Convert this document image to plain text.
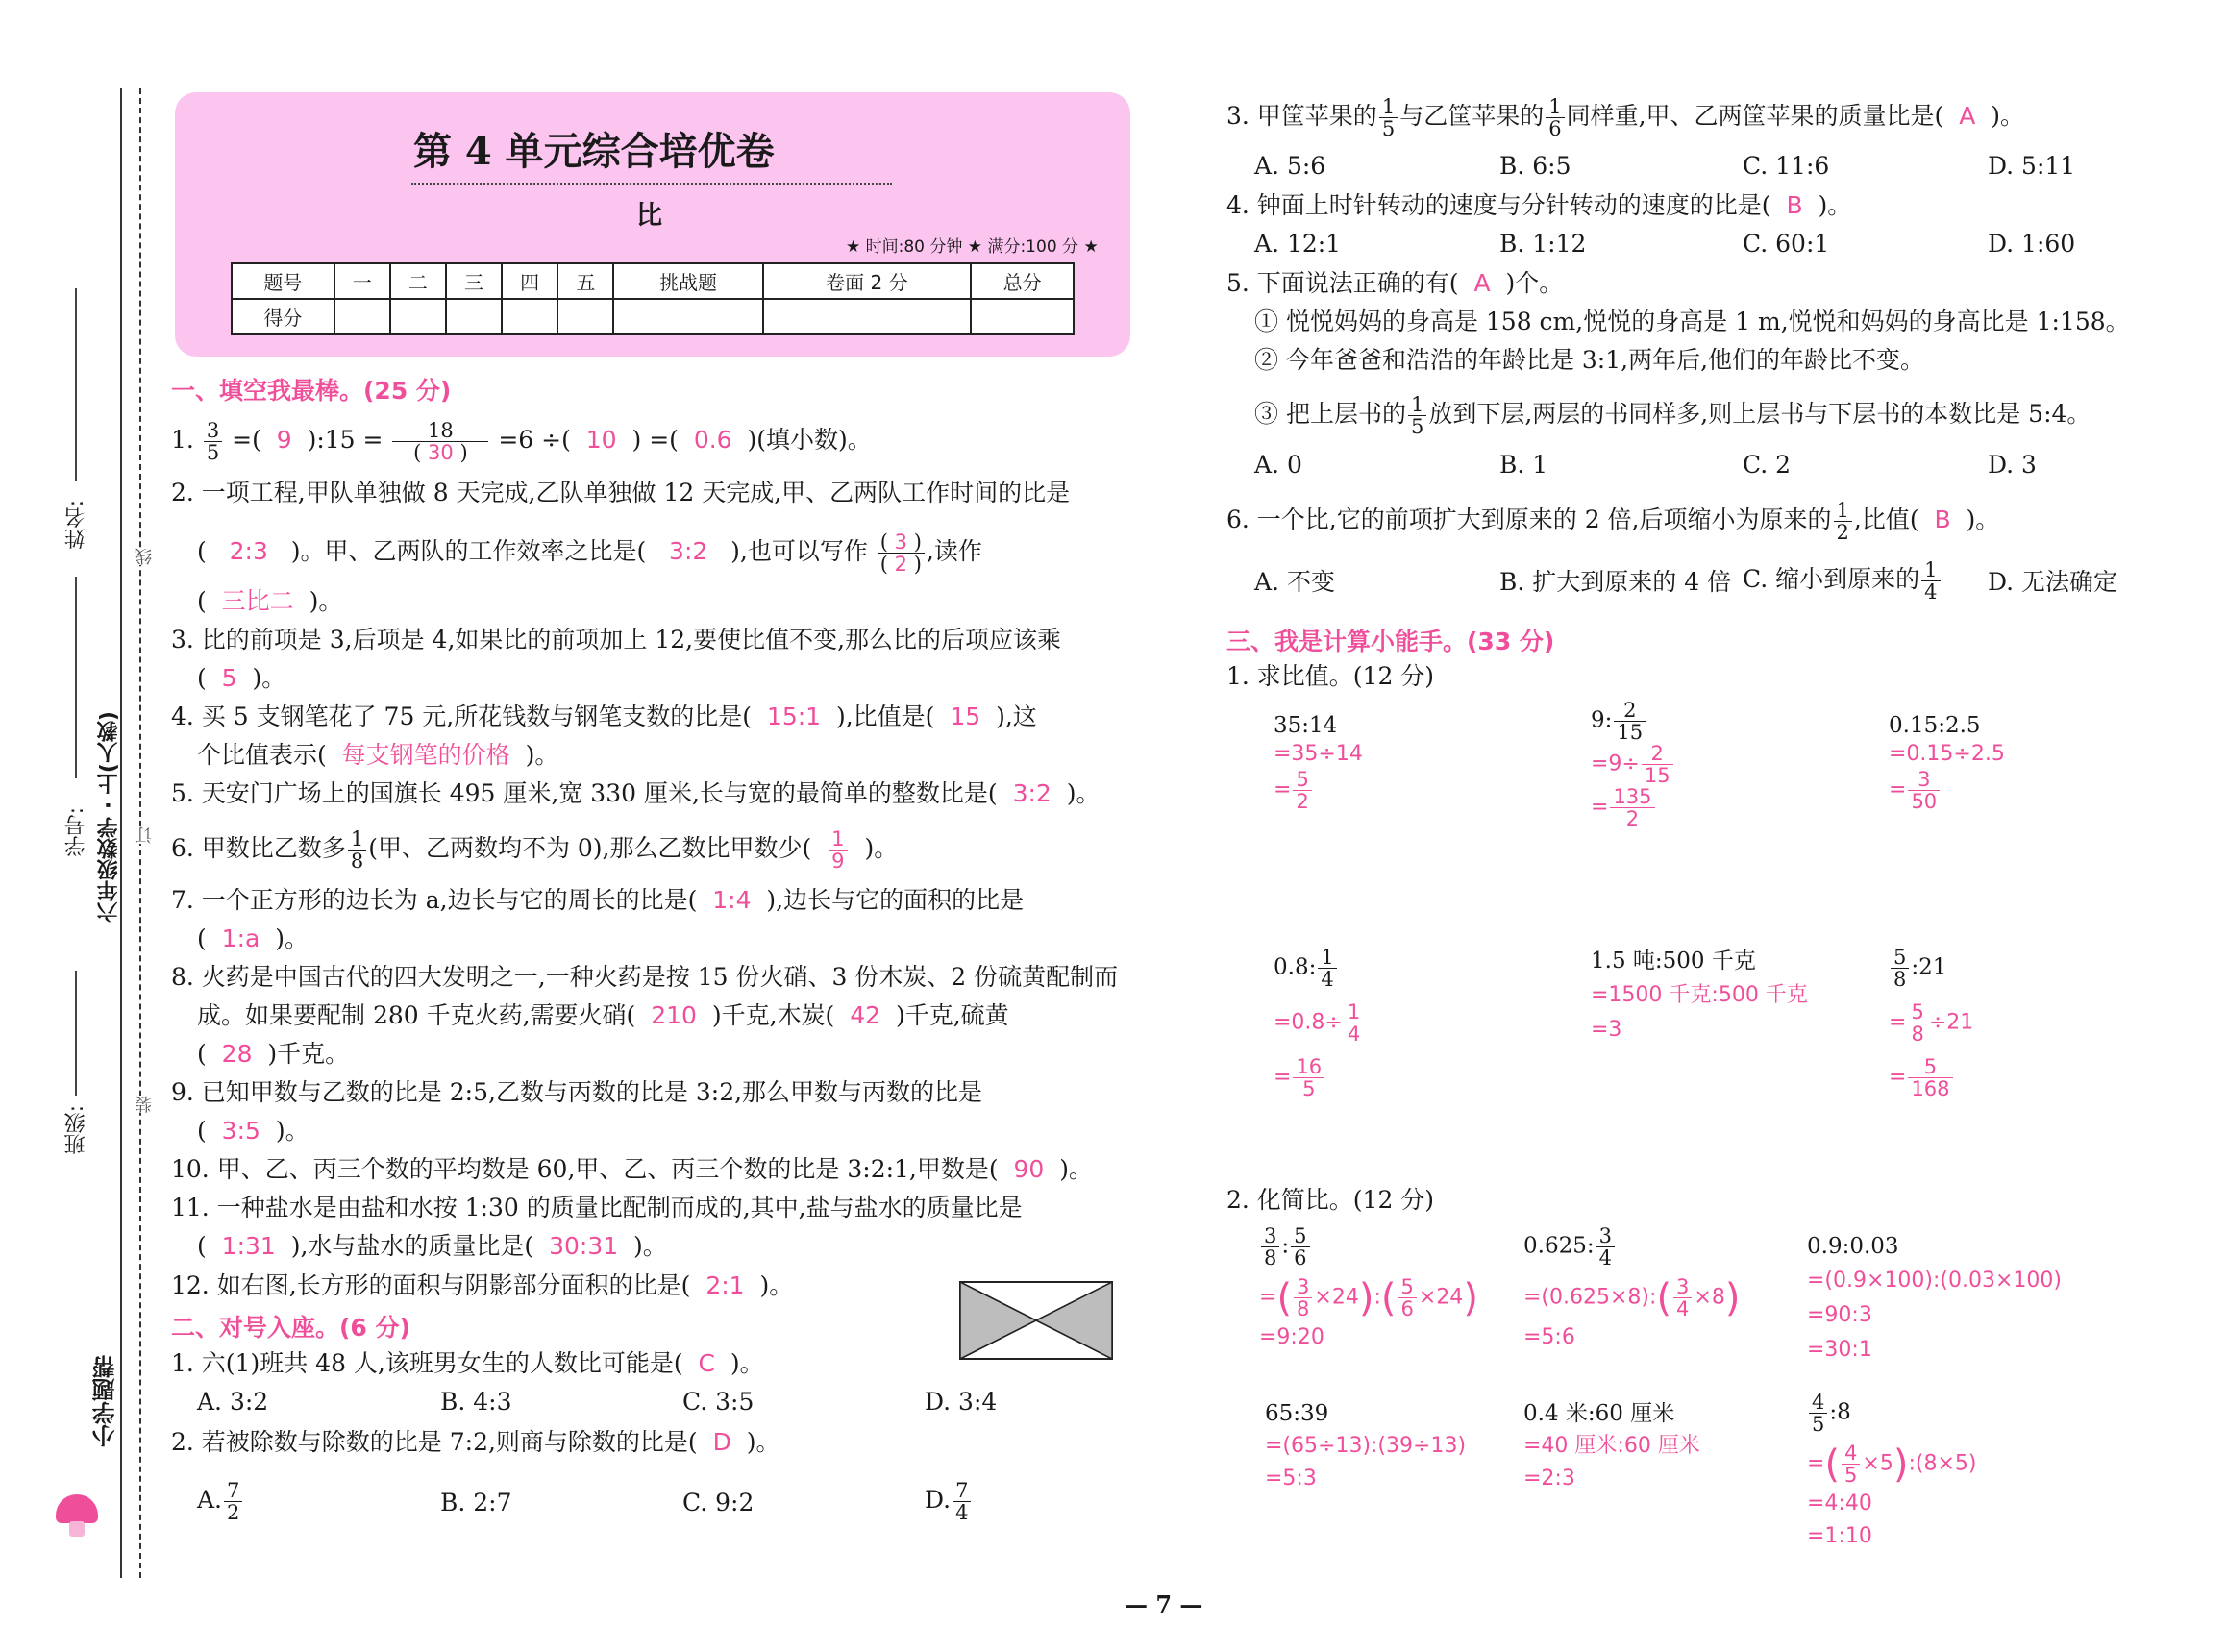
姓名:
学号: 六年级数学 · 上(人教)
班级:
线
订
装
小学题帮
第 4 单元综合培优卷
比
★ 时间:80 分钟 ★ 满分:100 分 ★
题号	一	二	三	四	五	挑战题	卷面 2 分	总分
得分								
一、填空我最棒。(25 分)
1. $\frac{3}{5}$ =( 9 ):15 = $\frac{18}{( 30 )} =6$ ÷( 10 ) =( 0.6 )(填小数)。
2. 一项工程,甲队单独做 8 天完成,乙队单独做 12 天完成,甲、乙两队工作时间的比是
( 2:3 )。甲、乙两队的工作效率之比是( 3:2 ),也可以写作 $\frac{( 3 )}{( 2 )}$ ,读作
( 三比二 )。
3. 比的前项是 3,后项是 4,如果比的前项加上 12,要使比值不变,那么比的后项应该乘
( 5 )。
4. 买 5 支钢笔花了 75 元,所花钱数与钢笔支数的比是( 15:1 ),比值是( 15 ),这
个比值表示( 每支钢笔的价格 )。
5. 天安门广场上的国旗长 495 厘米,宽 330 厘米,长与宽的最简单的整数比是( 3:2 )。
6. 甲数比乙数多 $\frac{1}{8}$ (甲、乙两数均不为 0),那么乙数比甲数少( $\frac{1}{9}$ )。
7. 一个正方形的边长为 a,边长与它的周长的比是( 1:4 ),边长与它的面积的比是
( 1:a )。
8. 火药是中国古代的四大发明之一,一种火药是按 15 份火硝、3 份木炭、2 份硫黄配制而
成。如果要配制 280 千克火药,需要火硝( 210 )千克,木炭( 42 )千克,硫黄
( 28 )千克。
9. 已知甲数与乙数的比是 2:5,乙数与丙数的比是 3:2,那么甲数与丙数的比是
( 3:5 )。
10. 甲、乙、丙三个数的平均数是 60,甲、乙、丙三个数的比是 3:2:1,甲数是( 90 )。
11. 一种盐水是由盐和水按 1:30 的质量比配制而成的,其中,盐与盐水的质量比是
( 1:31 ),水与盐水的质量比是( 30:31 )。
12. 如右图,长方形的面积与阴影部分面积的比是( 2:1 )。
二、对号入座。(6 分)
1. 六(1)班共 48 人,该班男女生的人数比可能是( C )。
A. 3:2	B. 4:3	C. 3:5	D. 3:4
2. 若被除数与除数的比是 7:2,则商与除数的比是( D )。
A. $\frac{7}{2}$	B. 2:7	C. 9:2	D. $\frac{7}{4}$
3. 甲筐苹果的 $\frac{1}{5}$ 与乙筐苹果的 $\frac{1}{6}$ 同样重,甲、乙两筐苹果的质量比是( A )。
A. 5:6	B. 6:5	C. 11:6	D. 5:11
4. 钟面上时针转动的速度与分针转动的速度的比是( B )。
A. 12:1	B. 1:12	C. 60:1	D. 1:60
5. 下面说法正确的有( A )个。
① 悦悦妈妈的身高是 158 cm,悦悦的身高是 1 m,悦悦和妈妈的身高比是 1:158。
② 今年爸爸和浩浩的年龄比是 3:1,两年后,他们的年龄比不变。
③ 把上层书的 $\frac{1}{5}$ 放到下层,两层的书同样多,则上层书与下层书的本数比是 5:4。
A. 0	B. 1	C. 2	D. 3
6. 一个比,它的前项扩大到原来的 2 倍,后项缩小为原来的 $\frac{1}{2}$ ,比值( B )。
A. 不变	B. 扩大到原来的 4 倍 C. 缩小到原来的 $\frac{1}{4} D$. 无法确定
三、我是计算小能手。(33 分)
1. 求比值。(12 分)
35:14
=35÷14
= $\frac{5}{2}$
9: $\frac{2}{15}$
$=9\div \frac{2}{15}$
= $\frac{135}{2}$
0.15:2.5
=0.15÷2.5
= $\frac{3}{50}$
0.8: $\frac{1}{4}$
$=0.8\div \frac{1}{4}$
= $\frac{16}{5}$
1.5 吨:500 千克
=1500 千克:500 千克
=3
$\frac{5}{8}$ :21
= $\frac{5}{8} \div 21$
= $\frac{5}{168}$
2. 化简比。(12 分)
$\frac{3}{8}$ : $\frac{5}{6}$
=( $\frac{3}{8}$ ×24):( $\frac{5}{6} \times 24$)
=9:20
0.625: $\frac{3}{4}$
=(0.625×8):( $\frac{3}{4} \times 8$)
=5:6
0.9:0.03
=(0.9×100):(0.03×100)
=90:3
=30:1
65:39
=(65÷13):(39÷13)
=5:3
0.4 米:60 厘米
=40 厘米:60 厘米
=2:3
$\frac{4}{5}$ :8
=( $\frac{4}{5}$ ×5):(8×5)
=4:40
=1:10
— 7 —
